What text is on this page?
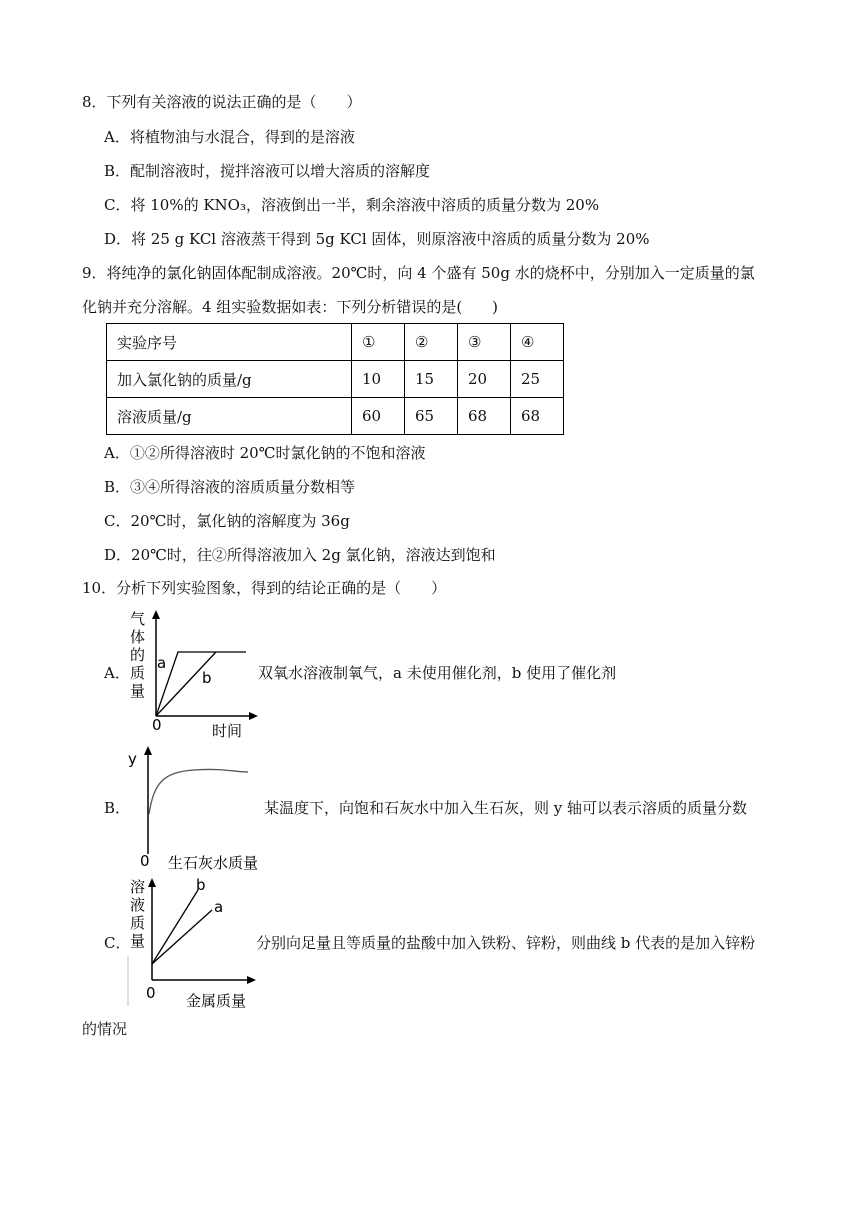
8．下列有关溶液的说法正确的是（　　）
A．将植物油与水混合，得到的是溶液
B．配制溶液时，搅拌溶液可以增大溶质的溶解度
C．将 10%的 KNO₃，溶液倒出一半，剩余溶液中溶质的质量分数为 20%
D．将 25 g KCl 溶液蒸干得到 5g KCl 固体，则原溶液中溶质的质量分数为 20%
9．将纯净的氯化钠固体配制成溶液。20℃时，向 4 个盛有 50g 水的烧杯中，分别加入一定质量的氯
化钠并充分溶解。4 组实验数据如表：下列分析错误的是(　　)
实验序号	①	②	③	④
加入氯化钠的质量/g	10	15	20	25
溶液质量/g	60	65	68	68
A．①②所得溶液时 20℃时氯化钠的不饱和溶液
B．③④所得溶液的溶质质量分数相等
C．20℃时，氯化钠的溶解度为 36g
D．20℃时，往②所得溶液加入 2g 氯化钠，溶液达到饱和
10．分析下列实验图象，得到的结论正确的是（　　）
A．
气
体
的
质
量
a
b
0	时间
双氧水溶液制氧气，a 未使用催化剂，b 使用了催化剂
B．
y
0 生石灰水质量
某温度下，向饱和石灰水中加入生石灰，则 y 轴可以表示溶质的质量分数
C．
溶
液
质
量
b
a
0 金属质量
分别向足量且等质量的盐酸中加入铁粉、锌粉，则曲线 b 代表的是加入锌粉
的情况
